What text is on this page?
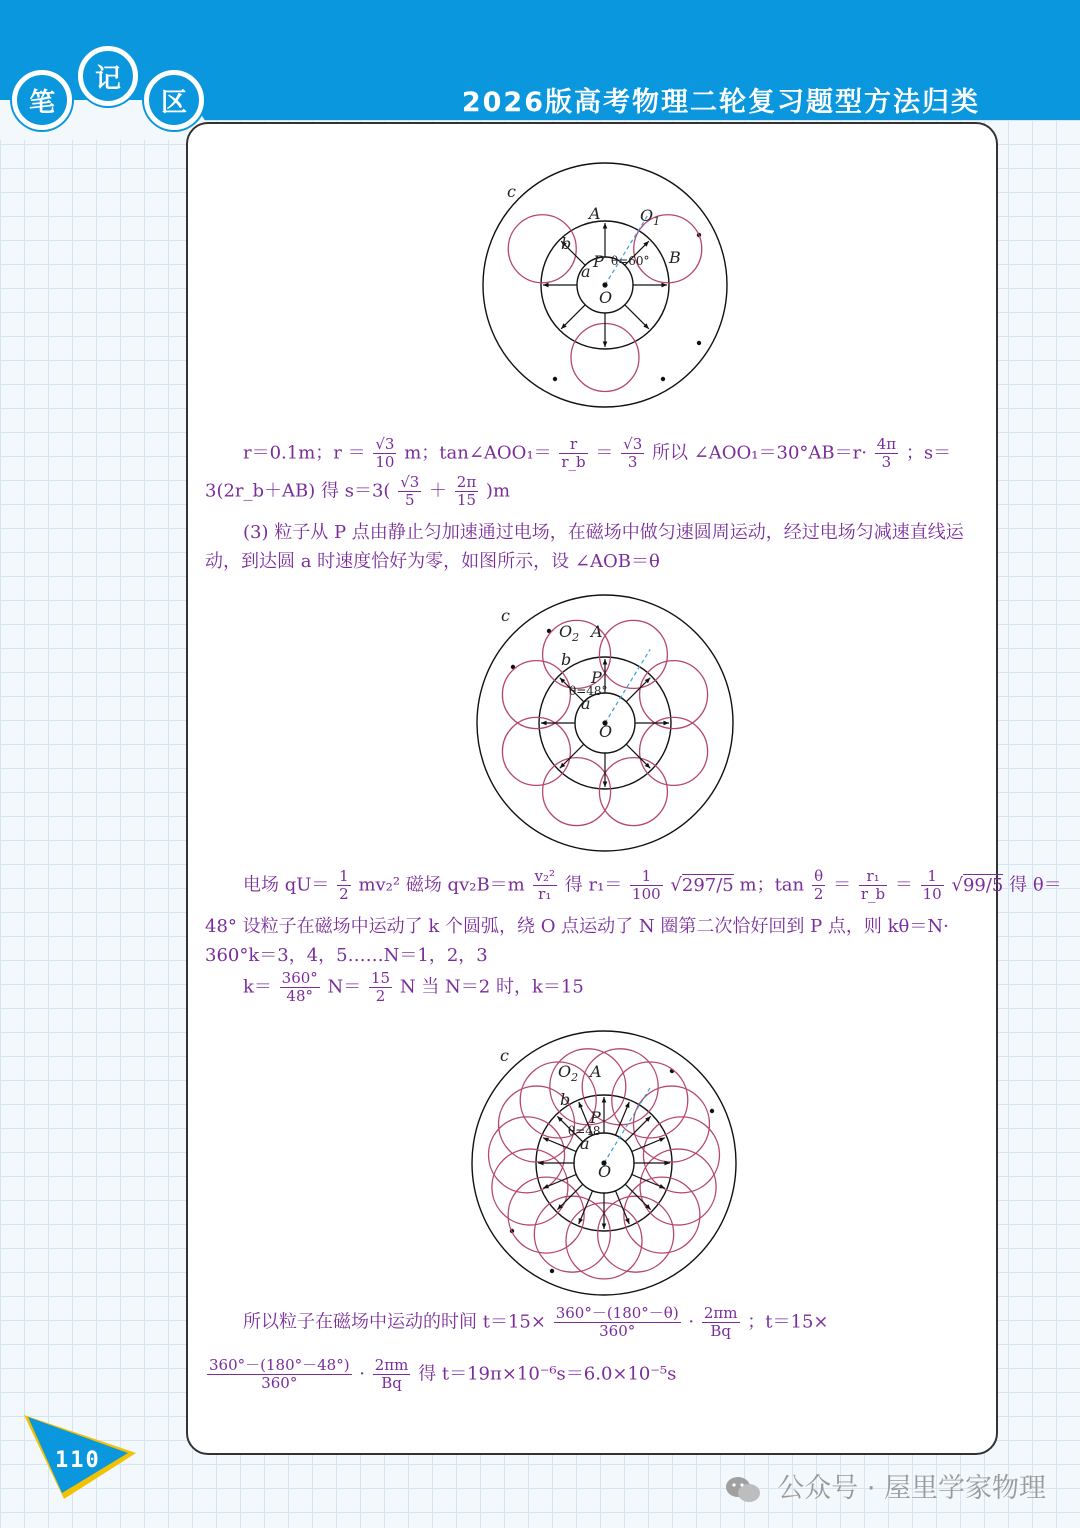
笔
记
区	2026版高考物理二轮复习题型方法归类
c
A $O_1$
b
B
P θ=60°
a
O
r＝0.1m；$r = \frac{√3}{10}$ m；tan∠AOO₁＝ $\frac{r}{r\_b} = \frac{√3}{3}$ 所以 ∠AOO₁＝30°AB＝r· $\frac{4\pi}{3}$ ；s＝
3(2r_b＋AB) 得 $s=3( \frac{√3}{5} + \frac{2\pi}{15} )m$
(3) 粒子从 P 点由静止匀加速通过电场，在磁场中做匀速圆周运动，经过电场匀减速直线运
动，到达圆 a 时速度恰好为零，如图所示，设 ∠AOB＝θ
c
$O_2$ A
b
P
θ=48°
a
O
电场 $qU= \frac{1}{2} mv_2^2$ 磁场 $qv_2B=m \frac{\text{v₂²}}{\text{r₁}}$ 得 $r_1= \frac{1}{100} √297/5$ m；$\tan \frac{\theta}{2} = \frac{\text{r₁}}{r\_b} = \frac{1}{10} √99/5$ 得 θ＝
48° 设粒子在磁场中运动了 k 个圆弧，绕 O 点运动了 N 圈第二次恰好回到 P 点，则 kθ＝N·
360°k＝3，4，5……N＝1，2，3
$k= \frac{360^\circ}{48^\circ} N= \frac{15}{2}$ N 当 N＝2 时，k＝15
c
$O_2$ A
b
P
θ=48
a
O
所以粒子在磁场中运动的时间 $t=15\times \frac{360^\circ-(180^\circ-\theta)}{360^\circ} \cdot \frac{2\pi m}{Bq}$ ；t＝15×
$\frac{360^\circ-(180^\circ-48^\circ)}{360^\circ} \cdot \frac{2\pi m}{Bq}$ 得 t＝19π×10⁻⁶s＝6.0×10⁻⁵s
110
公众号 · 屋里学家物理
